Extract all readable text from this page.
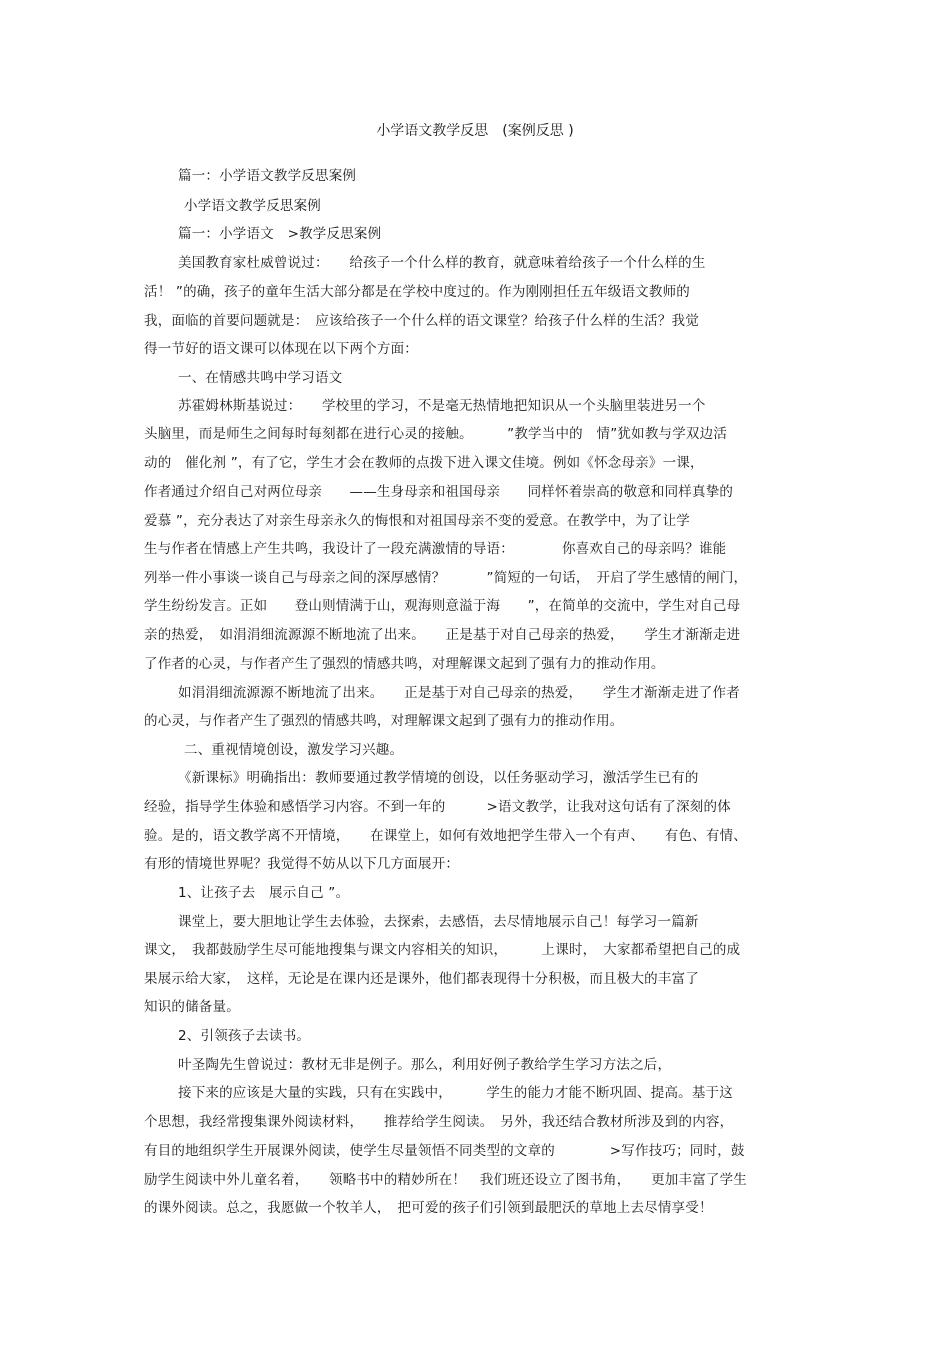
小学语文教学反思　(案例反思 )
篇一：小学语文教学反思案例
小学语文教学反思案例
篇一：小学语文　>教学反思案例
美国教育家杜威曾说过：　　给孩子一个什么样的教育，就意味着给孩子一个什么样的生
活！ ”的确，孩子的童年生活大部分都是在学校中度过的。作为刚刚担任五年级语文教师的
我，面临的首要问题就是：　应该给孩子一个什么样的语文课堂？给孩子什么样的生活？我觉
得一节好的语文课可以体现在以下两个方面：
一、在情感共鸣中学习语文
苏霍姆林斯基说过：　　学校里的学习，不是毫无热情地把知识从一个头脑里装进另一个
头脑里，而是师生之间每时每刻都在进行心灵的接触。　　　”教学当中的　情”犹如教与学双边活
动的　催化剂 ”，有了它，学生才会在教师的点拨下进入课文佳境。例如《怀念母亲》一课，
作者通过介绍自己对两位母亲　　——生身母亲和祖国母亲　　同样怀着崇高的敬意和同样真挚的
爱慕 ”，充分表达了对亲生母亲永久的悔恨和对祖国母亲不变的爱意。在教学中，为了让学
生与作者在情感上产生共鸣，我设计了一段充满激情的导语：　　　　你喜欢自己的母亲吗？谁能
列举一件小事谈一谈自己与母亲之间的深厚感情？　　　”简短的一句话，　开启了学生感情的闸门，
学生纷纷发言。正如　　登山则情满于山，观海则意溢于海　　”，在简单的交流中，学生对自己母
亲的热爱，　如涓涓细流源源不断地流了出来。　　正是基于对自己母亲的热爱，　　学生才渐渐走进
了作者的心灵，与作者产生了强烈的情感共鸣，对理解课文起到了强有力的推动作用。
如涓涓细流源源不断地流了出来。　　正是基于对自己母亲的热爱，　　学生才渐渐走进了作者
的心灵，与作者产生了强烈的情感共鸣，对理解课文起到了强有力的推动作用。
二、重视情境创设，激发学习兴趣。
《新课标》明确指出：教师要通过教学情境的创设，以任务驱动学习，激活学生已有的
经验，指导学生体验和感悟学习内容。不到一年的　　　>语文教学，让我对这句话有了深刻的体
验。是的，语文教学离不开情境，　　在课堂上，如何有效地把学生带入一个有声、　　有色、有情、
有形的情境世界呢？我觉得不妨从以下几方面展开：
1、让孩子去　展示自己 ”。
课堂上，要大胆地让学生去体验，去探索，去感悟，去尽情地展示自己！每学习一篇新
课文，　我都鼓励学生尽可能地搜集与课文内容相关的知识，　　　上课时，　大家都希望把自己的成
果展示给大家，　这样，无论是在课内还是课外，他们都表现得十分积极，而且极大的丰富了
知识的储备量。
2、引领孩子去读书。
叶圣陶先生曾说过：教材无非是例子。那么，利用好例子教给学生学习方法之后，
接下来的应该是大量的实践，只有在实践中，　　　学生的能力才能不断巩固、提高。基于这
个思想，我经常搜集课外阅读材料，　　推荐给学生阅读。　另外，我还结合教材所涉及到的内容，
有目的地组织学生开展课外阅读，使学生尽量领悟不同类型的文章的　　　　>写作技巧；同时，鼓
励学生阅读中外儿童名着，　　领略书中的精妙所在！　我们班还设立了图书角，　　更加丰富了学生
的课外阅读。总之，我愿做一个牧羊人，　把可爱的孩子们引领到最肥沃的草地上去尽情享受！
